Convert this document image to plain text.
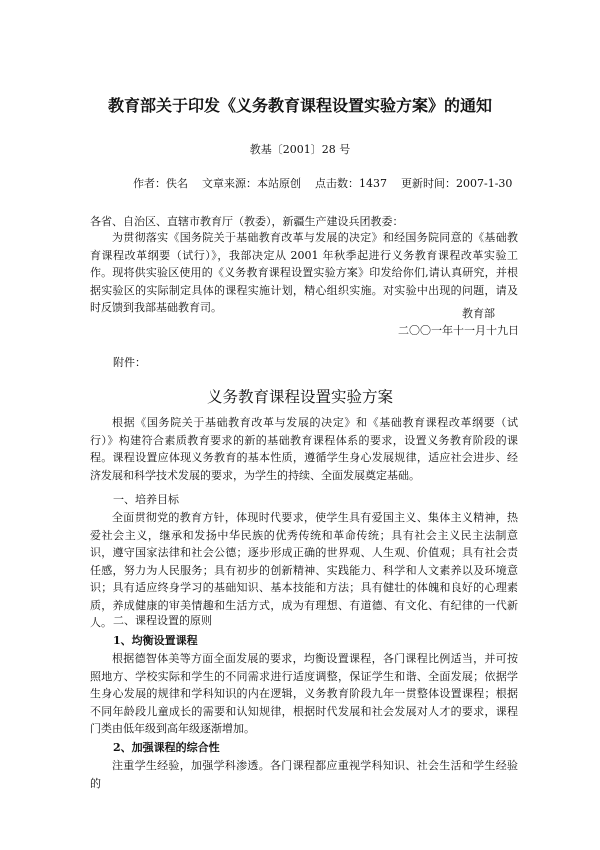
教育部关于印发《义务教育课程设置实验方案》的通知
教基〔2001〕28 号
作者：佚名 文章来源：本站原创 点击数：1437 更新时间：2007-1-30
各省、自治区、直辖市教育厅（教委），新疆生产建设兵团教委：

为贯彻落实《国务院关于基础教育改革与发展的决定》和经国务院同意的《基础教育课程改革纲要（试行）》，我部决定从 2001 年秋季起进行义务教育课程改革实验工作。现将供实验区使用的《义务教育课程设置实验方案》印发给你们,请认真研究，并根据实验区的实际制定具体的课程实施计划，精心组织实施。对实验中出现的问题，请及时反馈到我部基础教育司。	教育部
二〇〇一年十一月十九日
附件：
义务教育课程设置实验方案

根据《国务院关于基础教育改革与发展的决定》和《基础教育课程改革纲要（试行）》构建符合素质教育要求的新的基础教育课程体系的要求，设置义务教育阶段的课程。课程设置应体现义务教育的基本性质，遵循学生身心发展规律，适应社会进步、经济发展和科学技术发展的要求，为学生的持续、全面发展奠定基础。

一、培养目标

全面贯彻党的教育方针，体现时代要求，使学生具有爱国主义、集体主义精神，热爱社会主义，继承和发扬中华民族的优秀传统和革命传统；具有社会主义民主法制意识，遵守国家法律和社会公德；逐步形成正确的世界观、人生观、价值观；具有社会责任感，努力为人民服务；具有初步的创新精神、实践能力、科学和人文素养以及环境意识；具有适应终身学习的基础知识、基本技能和方法；具有健壮的体魄和良好的心理素质，养成健康的审美情趣和生活方式，成为有理想、有道德、有文化、有纪律的一代新人。 二、课程设置的原则
1、均衡设置课程

根据德智体美等方面全面发展的要求，均衡设置课程，各门课程比例适当，并可按照地方、学校实际和学生的不同需求进行适度调整，保证学生和谐、全面发展；依据学生身心发展的规律和学科知识的内在逻辑，义务教育阶段九年一贯整体设置课程；根据不同年龄段儿童成长的需要和认知规律，根据时代发展和社会发展对人才的要求，课程门类由低年级到高年级逐渐增加。

2、加强课程的综合性

注重学生经验，加强学科渗透。各门课程都应重视学科知识、社会生活和学生经验的
